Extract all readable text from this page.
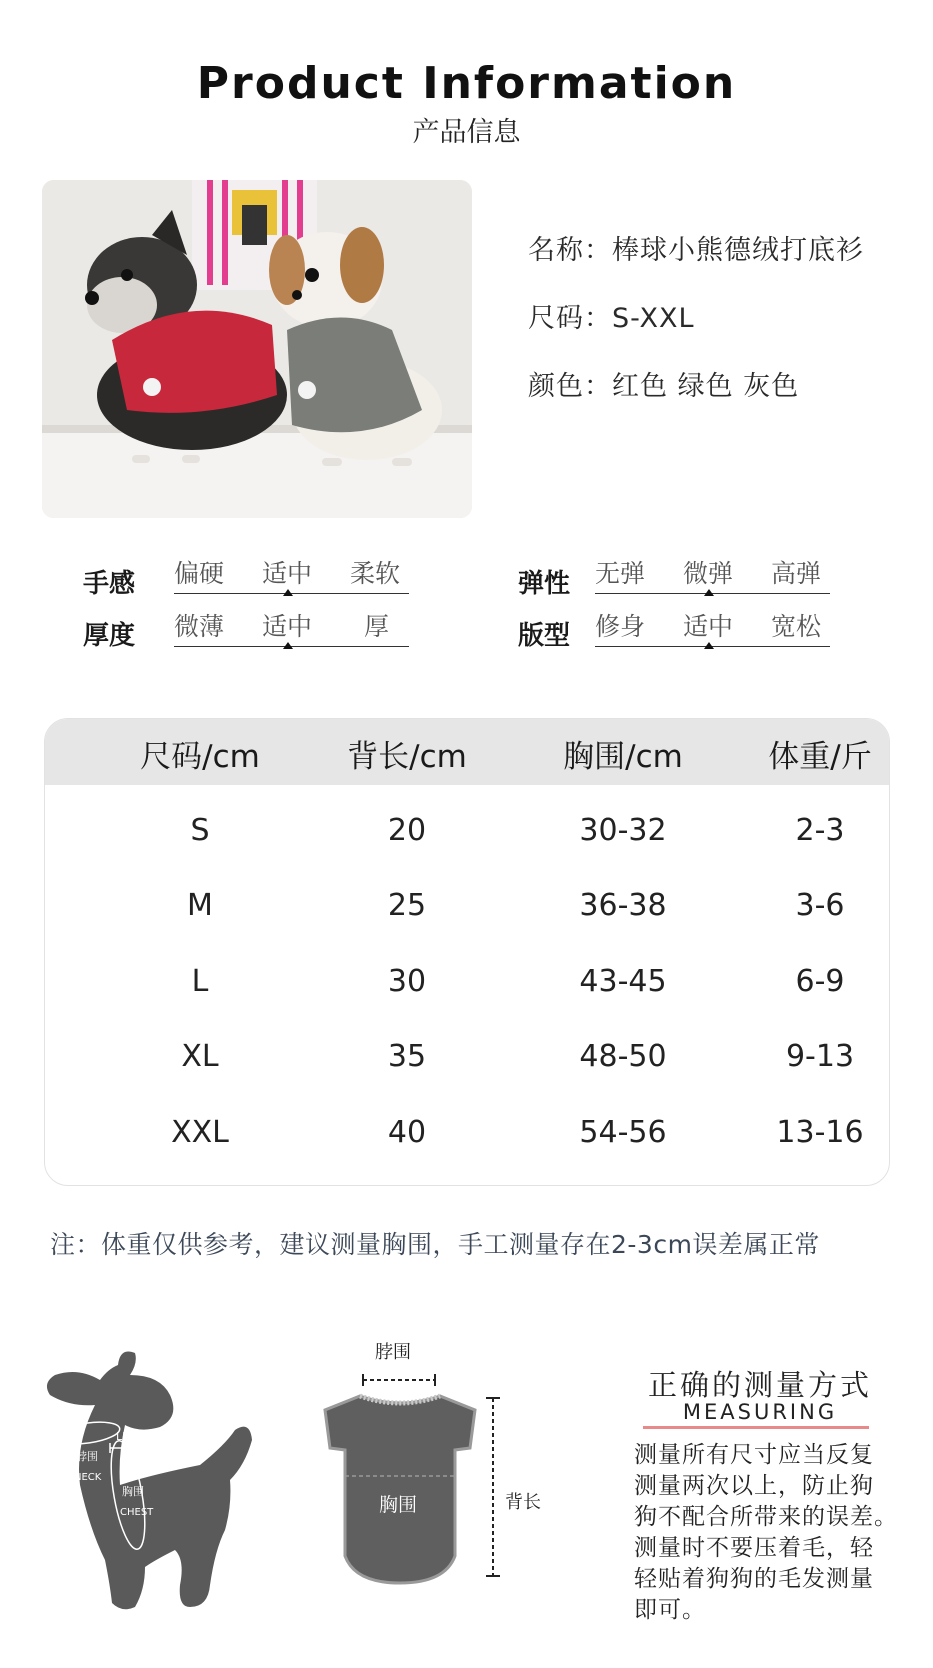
Product Information
产品信息
名称：棒球小熊德绒打底衫
尺码：S-XXL
颜色：红色 绿色 灰色
手感 偏硬 适中 柔软
厚度 微薄 适中 厚
弹性 无弹 微弹 高弹
版型 修身 适中 宽松
尺码/cm	背长/cm	胸围/cm	体重/斤
S	20	30-32	2-3
M	25	36-38	3-6
L	30	43-45	6-9
XL	35	48-50	9-13
XXL	40	54-56	13-16
注：体重仅供参考，建议测量胸围，手工测量存在2-3cm误差属正常
LENGTH背长
脖围
NECK
胸围
CHEST
脖围
胸围	背长
正确的测量方式
MEASURING
测量所有尺寸应当反复
测量两次以上，防止狗
狗不配合所带来的误差。
测量时不要压着毛，轻
轻贴着狗狗的毛发测量
即可。
